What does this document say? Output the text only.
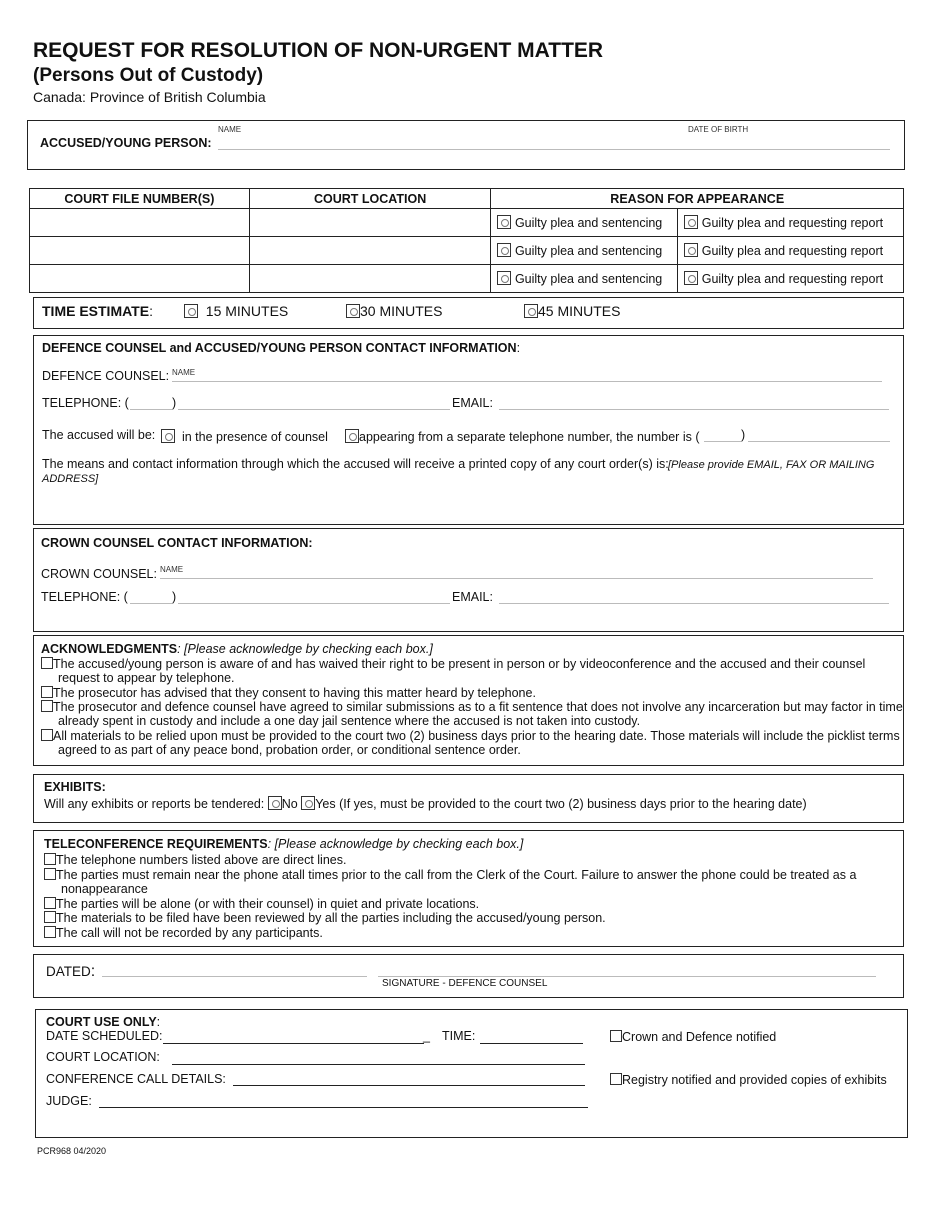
REQUEST FOR RESOLUTION OF NON-URGENT MATTER
(Persons Out of Custody)
Canada: Province of British Columbia
NAME	DATE OF BIRTH
ACCUSED/YOUNG PERSON:
COURT FILE NUMBER(S)	COURT LOCATION	REASON FOR APPEARANCE	
		Guilty plea and sentencing	Guilty plea and requesting report
		Guilty plea and sentencing	Guilty plea and requesting report
		Guilty plea and sentencing	Guilty plea and requesting report
TIME ESTIMATE:	15 MINUTES	30 MINUTES	45 MINUTES
DEFENCE COUNSEL and ACCUSED/YOUNG PERSON CONTACT INFORMATION:
DEFENCE COUNSEL: NAME
TELEPHONE: (	)	EMAIL:
The accused will be:	in the presence of counsel	appearing from a separate telephone number, the number is (	)
The means and contact information through which the accused will receive a printed copy of any court order(s) is: [Please provide EMAIL, FAX OR MAILING ADDRESS]
CROWN COUNSEL CONTACT INFORMATION:
CROWN COUNSEL: NAME
TELEPHONE: (	)	EMAIL:
ACKNOWLEDGMENTS: [Please acknowledge by checking each box.]
The accused/young person is aware of and has waived their right to be present in person or by videoconference and the accused and their counsel
request to appear by telephone.
The prosecutor has advised that they consent to having this matter heard by telephone.
The prosecutor and defence counsel have agreed to similar submissions as to a fit sentence that does not involve any incarceration but may factor in time
already spent in custody and include a one day jail sentence where the accused is not taken into custody.
All materials to be relied upon must be provided to the court two (2) business days prior to the hearing date. Those materials will include the picklist terms
agreed to as part of any peace bond, probation order, or conditional sentence order.
EXHIBITS:
Will any exhibits or reports be tendered: No Yes (If yes, must be provided to the court two (2) business days prior to the hearing date)
TELECONFERENCE REQUIREMENTS: [Please acknowledge by checking each box.]
The telephone numbers listed above are direct lines.
The parties must remain near the phone atall times prior to the call from the Clerk of the Court. Failure to answer the phone could be treated as a
nonappearance
The parties will be alone (or with their counsel) in quiet and private locations.
The materials to be filed have been reviewed by all the parties including the accused/young person.
The call will not be recorded by any participants.
DATED:
SIGNATURE - DEFENCE COUNSEL
COURT USE ONLY:
DATE SCHEDULED:	_ TIME:	Crown and Defence notified
COURT LOCATION:
CONFERENCE CALL DETAILS:	Registry notified and provided copies of exhibits
JUDGE:
PCR968 04/2020
